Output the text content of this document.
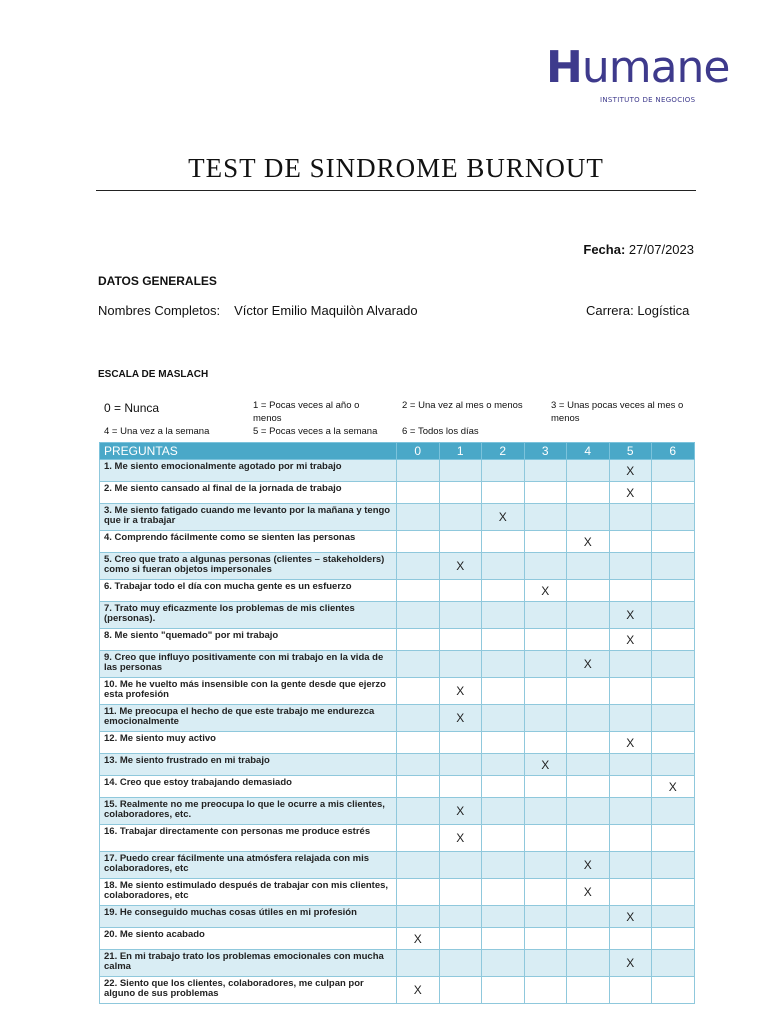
Humane
INSTITUTO DE NEGOCIOS
TEST DE SINDROME BURNOUT
Fecha: 27/07/2023
DATOS GENERALES
Nombres Completos: Víctor Emilio Maquilòn Alvarado	Carrera: Logística
ESCALA DE MASLACH
0 = Nunca	1 = Pocas veces al año o menos
2 = Una vez al mes o menos	3 = Unas pocas veces al mes o menos
4 = Una vez a la semana	5 = Pocas veces a la semana	6 = Todos los días
PREGUNTAS	0	1	2	3	4	5	6
1. Me siento emocionalmente agotado por mi trabajo						X	
2. Me siento cansado al final de la jornada de trabajo						X	
3. Me siento fatigado cuando me levanto por la mañana y tengo que ir a trabajar			X				
4. Comprendo fácilmente como se sienten las personas					X		
5. Creo que trato a algunas personas (clientes – stakeholders) como si fueran objetos impersonales		X					
6. Trabajar todo el día con mucha gente es un esfuerzo				X			
7. Trato muy eficazmente los problemas de mis clientes (personas).						X	
8. Me siento "quemado" por mi trabajo						X	
9. Creo que influyo positivamente con mi trabajo en la vida de las personas					X		
10. Me he vuelto más insensible con la gente desde que ejerzo esta profesión		X					
11. Me preocupa el hecho de que este trabajo me endurezca emocionalmente		X					
12. Me siento muy activo						X	
13. Me siento frustrado en mi trabajo				X			
14. Creo que estoy trabajando demasiado							X
15. Realmente no me preocupa lo que le ocurre a mis clientes, colaboradores, etc.		X					
16. Trabajar directamente con personas me produce estrés		X					
17. Puedo crear fácilmente una atmósfera relajada con mis colaboradores, etc					X		
18. Me siento estimulado después de trabajar con mis clientes, colaboradores, etc					X		
19. He conseguido muchas cosas útiles en mi profesión						X	
20. Me siento acabado	X						
21. En mi trabajo trato los problemas emocionales con mucha calma						X	
22. Siento que los clientes, colaboradores, me culpan por alguno de sus problemas	X						
